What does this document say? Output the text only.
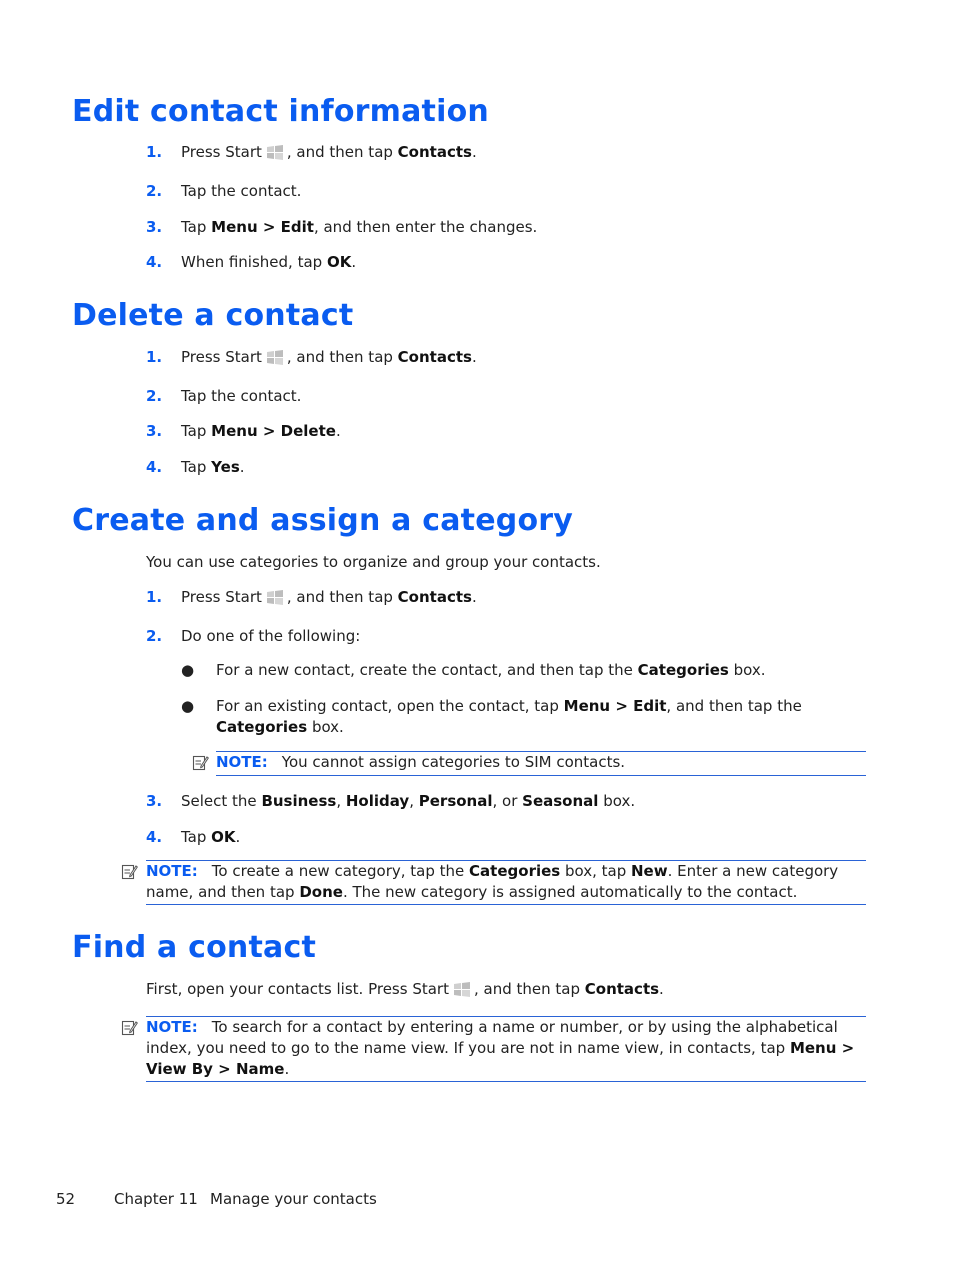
Edit contact information
1. Press Start , and then tap Contacts.
2. Tap the contact.
3. Tap Menu > Edit, and then enter the changes.
4. When finished, tap OK.
Delete a contact
1. Press Start , and then tap Contacts.
2. Tap the contact.
3. Tap Menu > Delete.
4. Tap Yes.
Create and assign a category
You can use categories to organize and group your contacts.
1. Press Start , and then tap Contacts.
2. Do one of the following:
● For a new contact, create the contact, and then tap the Categories box.
● For an existing contact, open the contact, tap Menu > Edit, and then tap the Categories box.
NOTE: You cannot assign categories to SIM contacts.
3. Select the Business, Holiday, Personal, or Seasonal box.
4. Tap OK.
NOTE: To create a new category, tap the Categories box, tap New. Enter a new category name, and then tap Done. The new category is assigned automatically to the contact.
Find a contact
First, open your contacts list. Press Start , and then tap Contacts.
NOTE: To search for a contact by entering a name or number, or by using the alphabetical index, you need to go to the name view. If you are not in name view, in contacts, tap Menu > View By > Name.
52	Chapter 11 Manage your contacts
